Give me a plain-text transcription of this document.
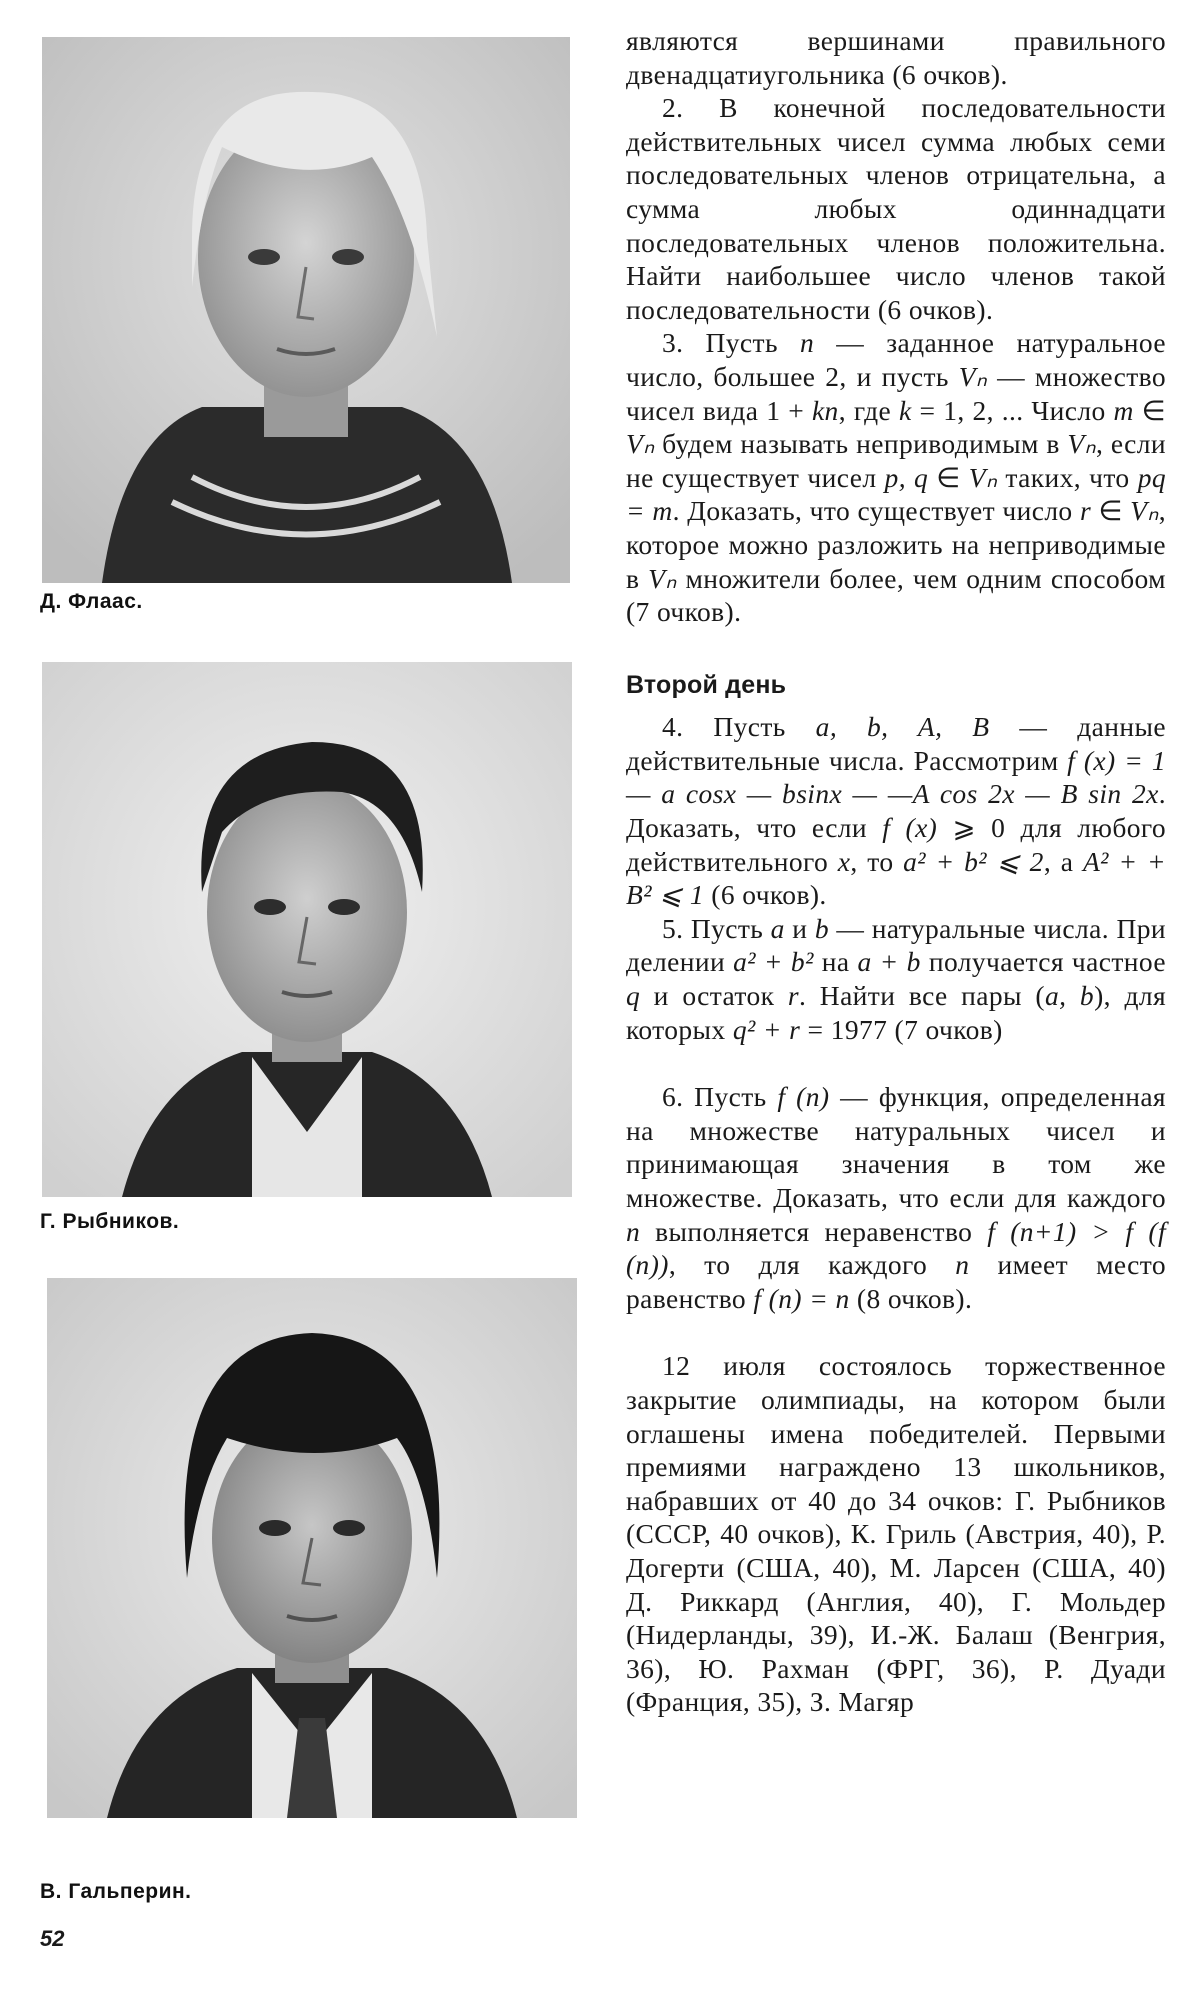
Д. Флаас.
Г. Рыбников.
В. Гальперин.

являются вершинами правильного двенадцатиугольника (6 очков).

2. В конечной последовательности действительных чисел сумма любых семи последовательных членов отрицательна, а сумма любых одиннадцати последовательных членов положительна. Найти наибольшее число членов такой последовательности (6 очков).

3. Пусть n — заданное натуральное число, большее 2, и пусть Vₙ — множество чисел вида 1 + kn, где k = 1, 2, ... Число m ∈ Vₙ будем называть неприводимым в Vₙ, если не существует чисел p, q ∈ Vₙ таких, что pq = m. Доказать, что существует число r ∈ Vₙ, которое можно разложить на неприводимые в Vₙ множители более, чем одним способом (7 очков).

Второй день

4. Пусть a, b, A, B — данные действительные числа. Рассмотрим f (x) = 1 — a cosx — bsinx — —A cos 2x — B sin 2x. Доказать, что если f (x) ⩾ 0 для любого действительного x, то a² + b² ⩽ 2, а A² + + B² ⩽ 1 (6 очков).

5. Пусть a и b — натуральные числа. При делении a² + b² на a + b получается частное q и остаток r. Найти все пары (a, b), для которых q² + r = 1977 (7 очков)

6. Пусть f (n) — функция, определенная на множестве натуральных чисел и принимающая значения в том же множестве. Доказать, что если для каждого n выполняется неравенство f (n+1) > f (f (n)), то для каждого n имеет место равенство f (n) = n (8 очков).

12 июля состоялось торжественное закрытие олимпиады, на котором были оглашены имена победителей. Первыми премиями награждено 13 школьников, набравших от 40 до 34 очков: Г. Рыбников (СССР, 40 очков), К. Гриль (Австрия, 40), Р. Догерти (США, 40), М. Ларсен (США, 40) Д. Риккард (Англия, 40), Г. Мольдер (Нидерланды, 39), И.-Ж. Балаш (Венгрия, 36), Ю. Рахман (ФРГ, 36), Р. Дуади (Франция, 35), З. Магяр

52
